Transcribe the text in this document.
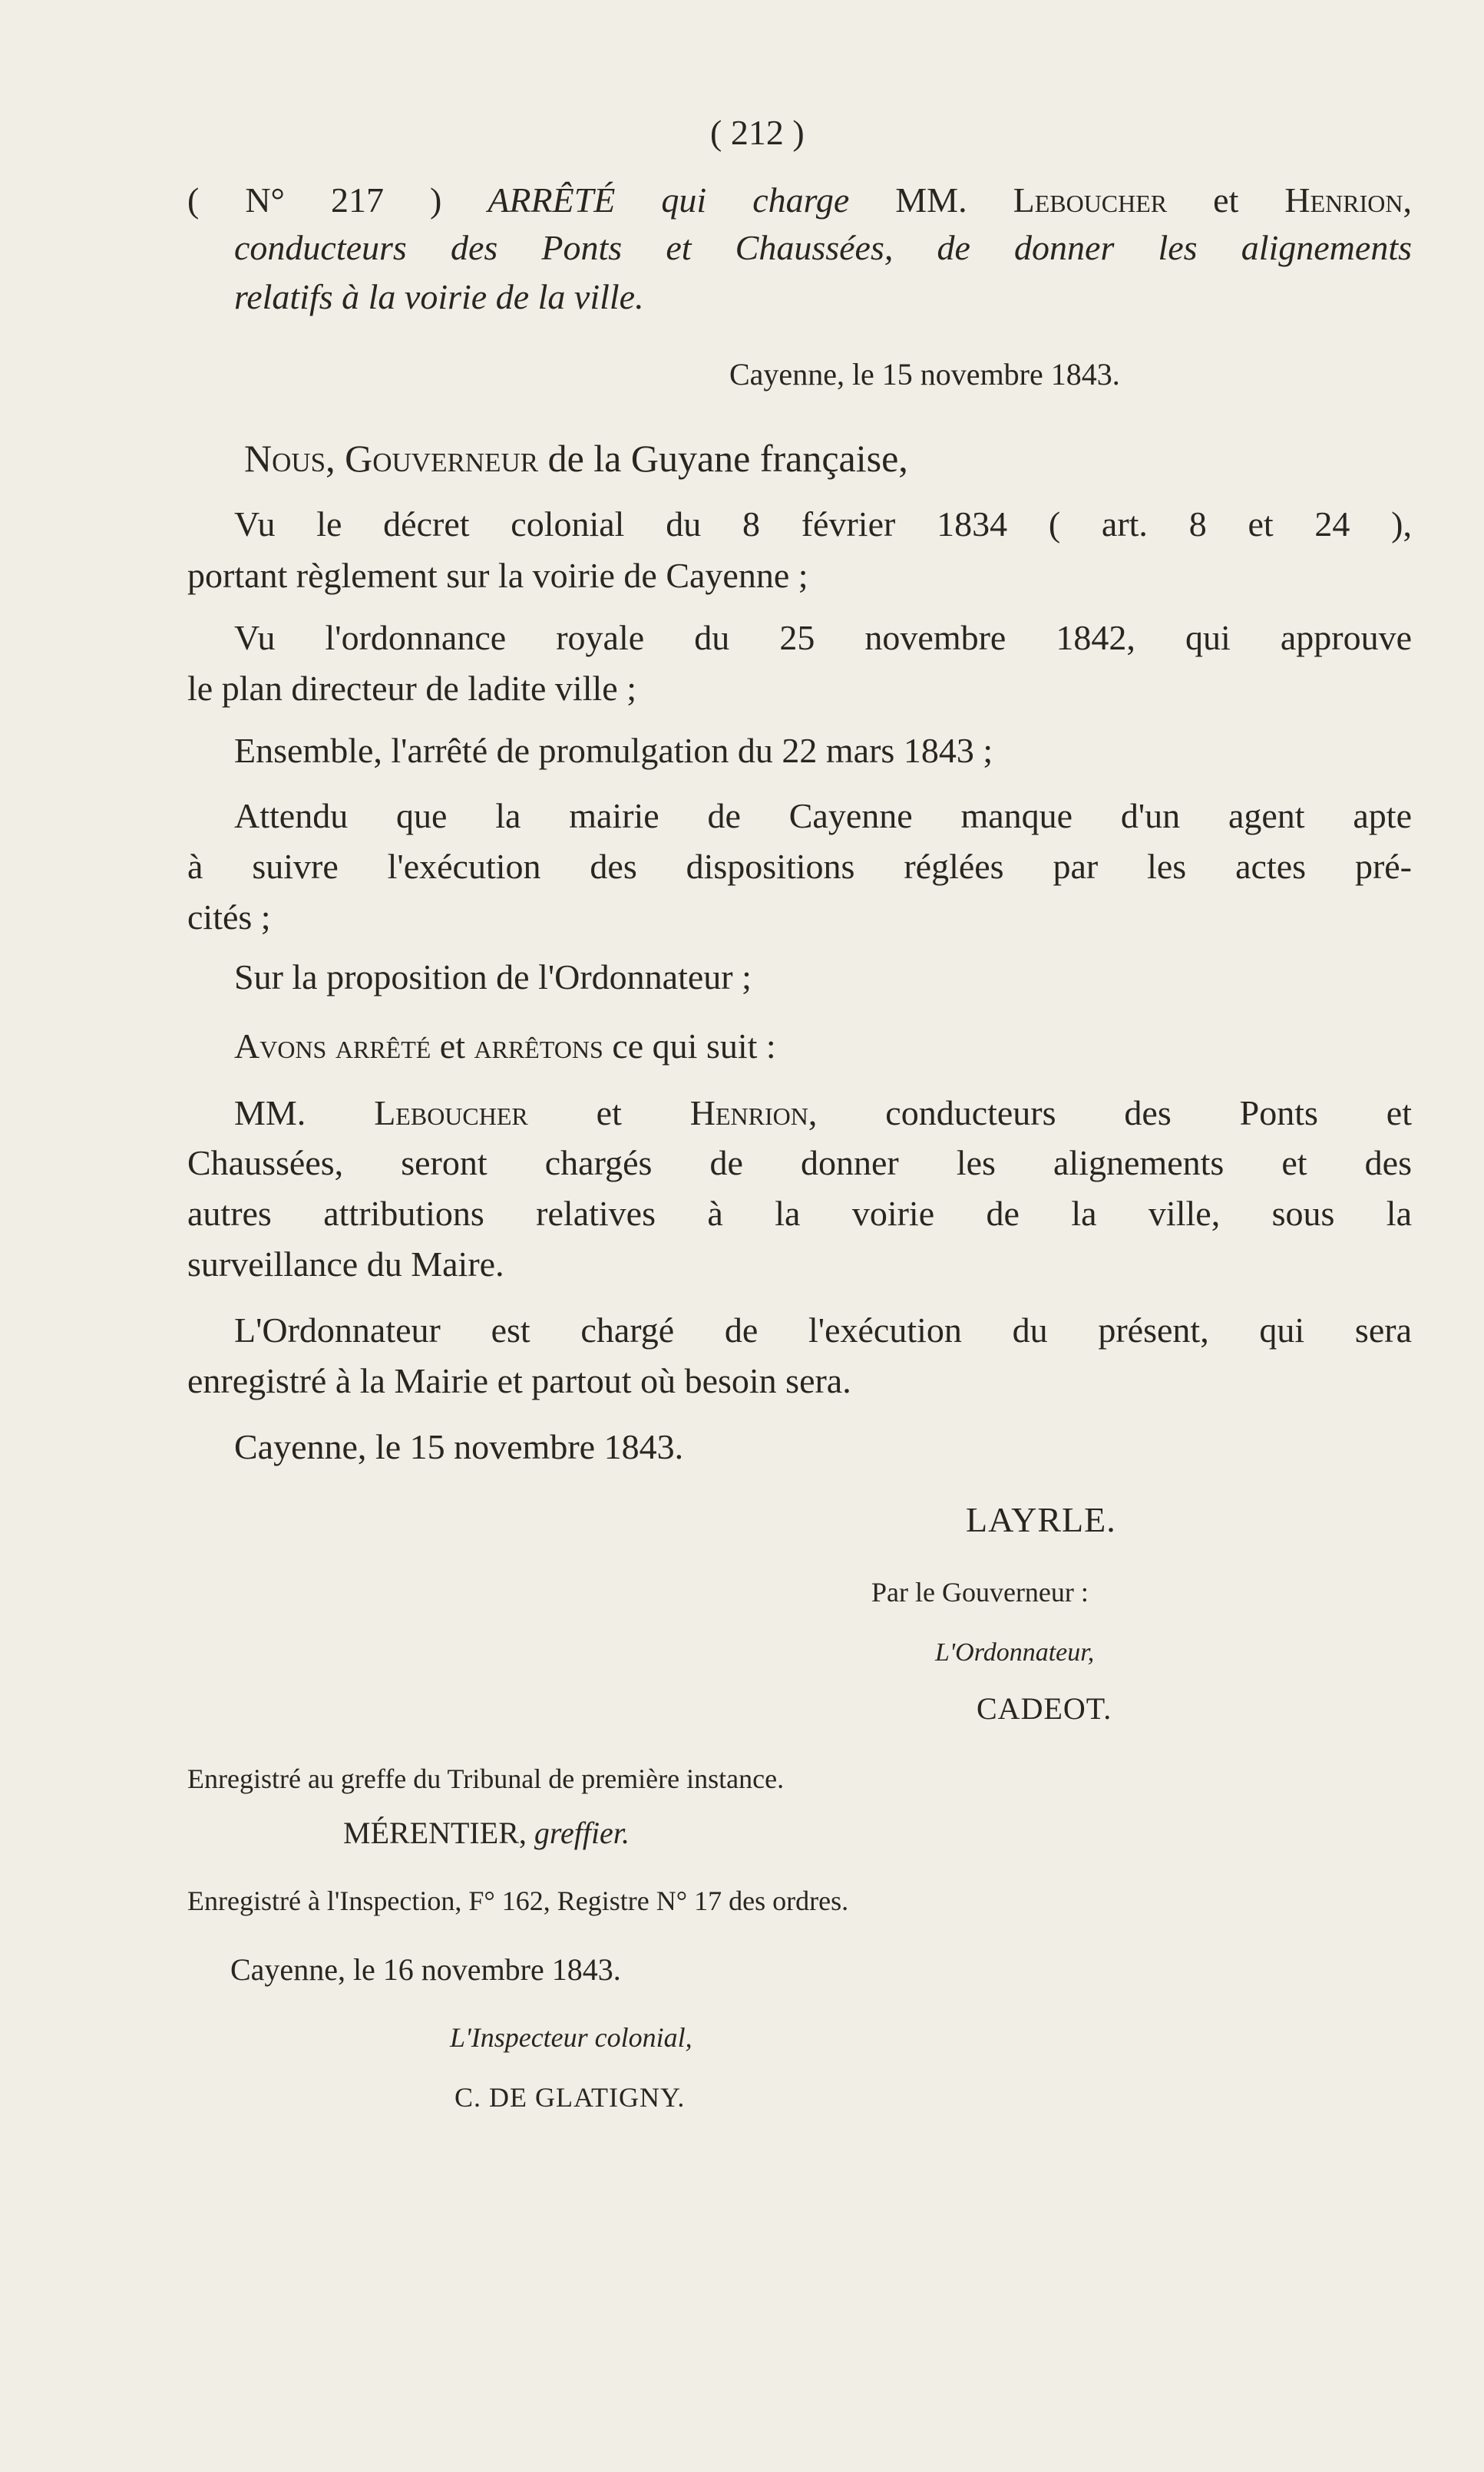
( 212 )
( N° 217 ) ARRÊTÉ qui charge MM. Leboucher et Henrion,
conducteurs des Ponts et Chaussées, de donner les alignements
relatifs à la voirie de la ville.
Cayenne, le 15 novembre 1843.
Nous, Gouverneur de la Guyane française,
Vu le décret colonial du 8 février 1834 ( art. 8 et 24 ),
portant règlement sur la voirie de Cayenne ;
Vu l'ordonnance royale du 25 novembre 1842, qui approuve
le plan directeur de ladite ville ;
Ensemble, l'arrêté de promulgation du 22 mars 1843 ;
Attendu que la mairie de Cayenne manque d'un agent apte
à suivre l'exécution des dispositions réglées par les actes pré-
cités ;
Sur la proposition de l'Ordonnateur ;
Avons arrêté et arrêtons ce qui suit :
MM. Leboucher et Henrion, conducteurs des Ponts et
Chaussées, seront chargés de donner les alignements et des
autres attributions relatives à la voirie de la ville, sous la
surveillance du Maire.
L'Ordonnateur est chargé de l'exécution du présent, qui sera
enregistré à la Mairie et partout où besoin sera.
Cayenne, le 15 novembre 1843.
LAYRLE.
Par le Gouverneur :
L'Ordonnateur,
CADEOT.
Enregistré au greffe du Tribunal de première instance.
MÉRENTIER, greffier.
Enregistré à l'Inspection, F° 162, Registre N° 17 des ordres.
Cayenne, le 16 novembre 1843.
L'Inspecteur colonial,
C. DE GLATIGNY.
